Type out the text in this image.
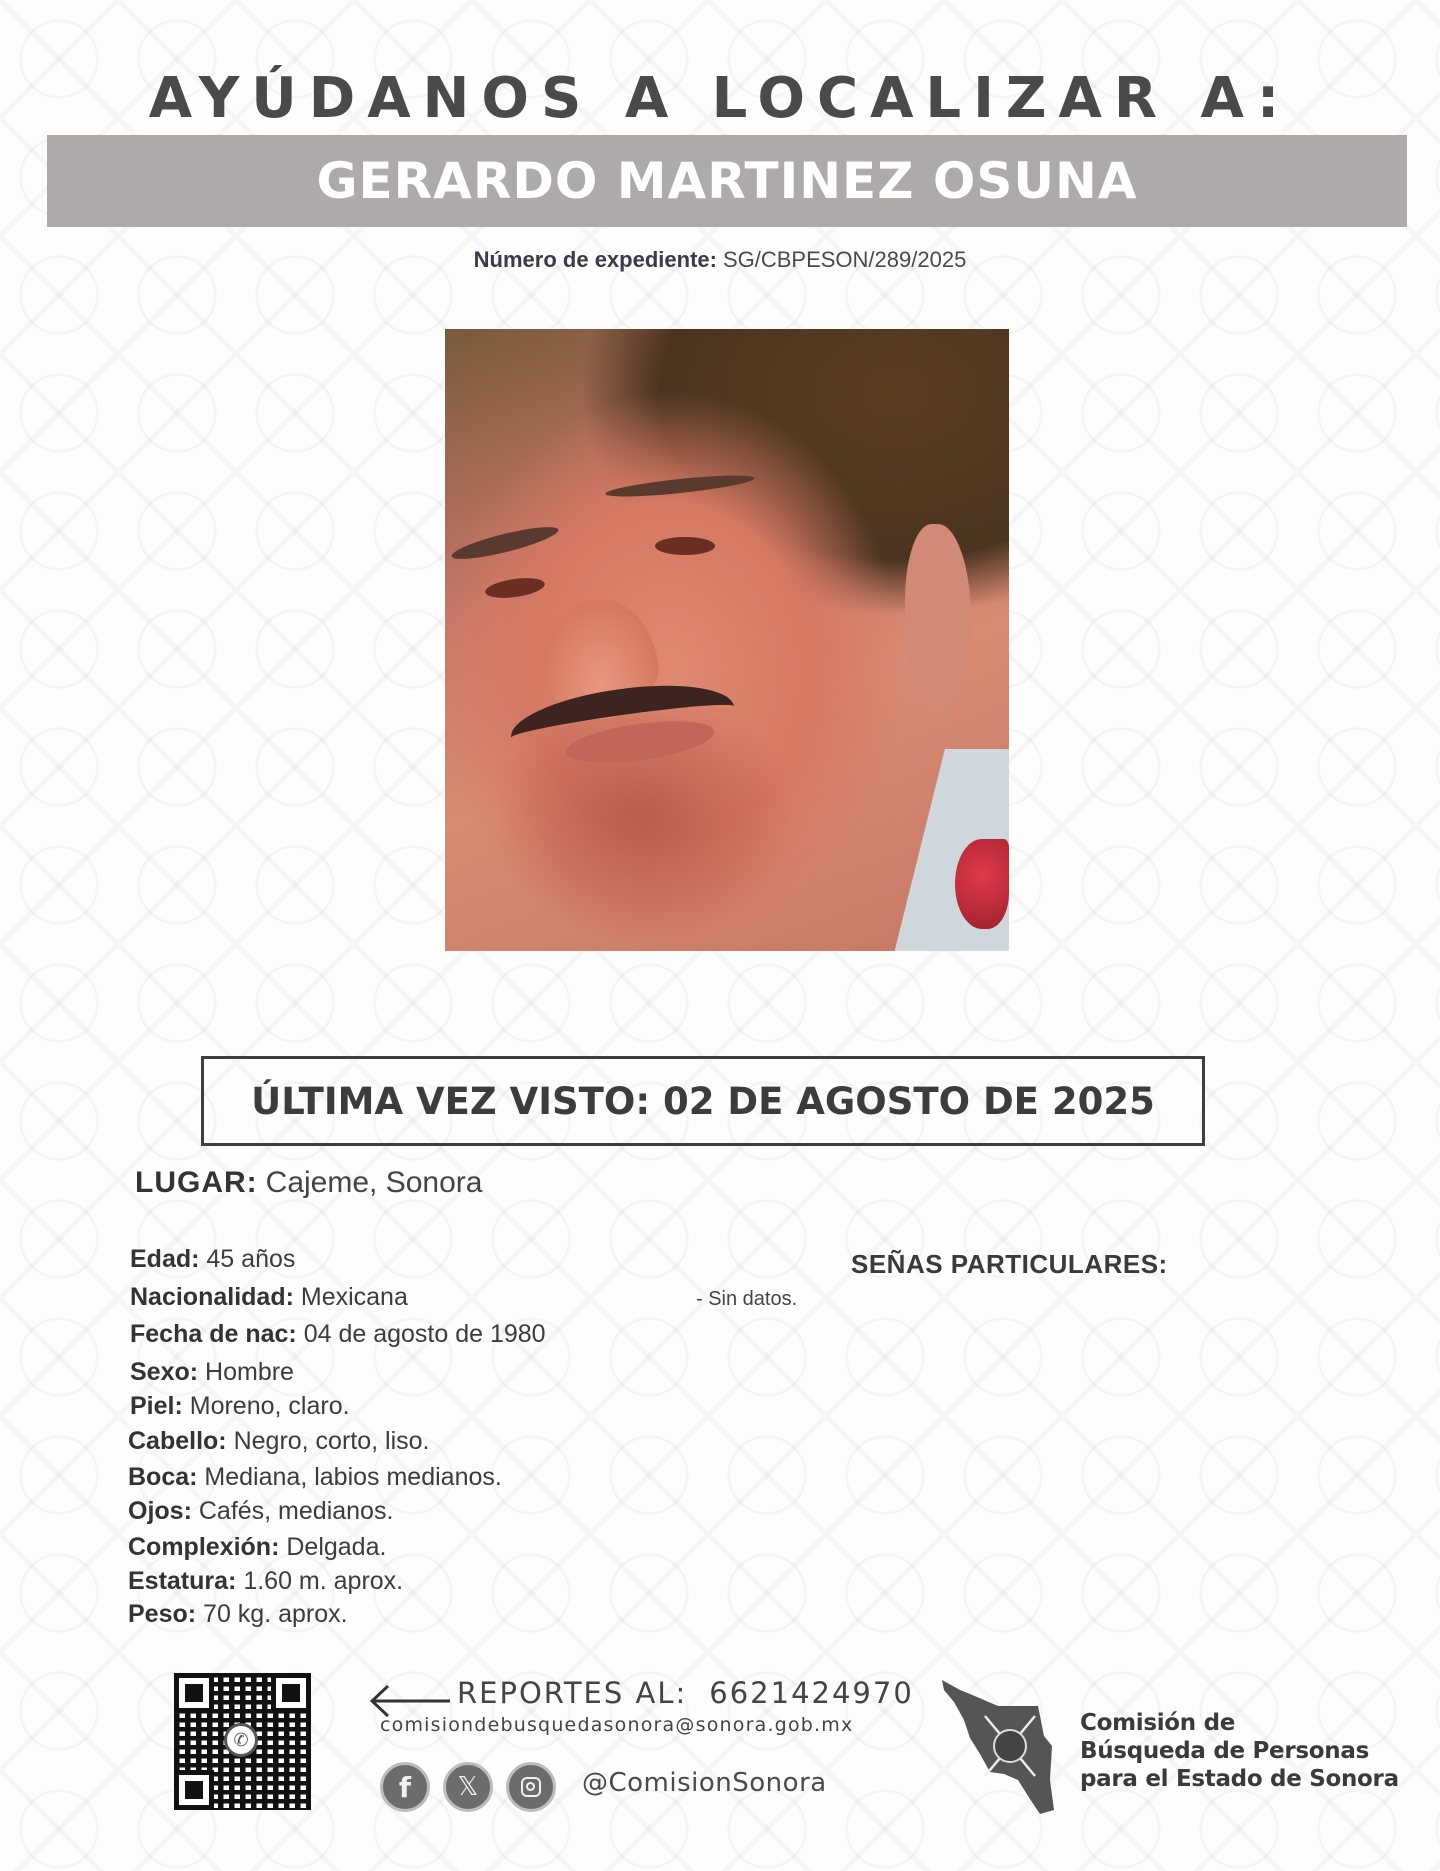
AYÚDANOS A LOCALIZAR A:
GERARDO MARTINEZ OSUNA
Número de expediente: SG/CBPESON/289/2025
ÚLTIMA VEZ VISTO: 02 DE AGOSTO DE 2025
LUGAR: Cajeme, Sonora
Edad: 45 años
Nacionalidad: Mexicana
Fecha de nac: 04 de agosto de 1980
Sexo: Hombre
Piel: Moreno, claro.
Cabello: Negro, corto, liso.
Boca: Mediana, labios medianos.
Ojos: Cafés, medianos.
Complexión: Delgada.
Estatura: 1.60 m. aprox.
Peso: 70 kg. aprox.
SEÑAS PARTICULARES:
- Sin datos.
✆
REPORTES AL: 6621424970
comisiondebusquedasonora@sonora.gob.mx
f	𝕏	@ComisionSonora
Comisión de
Búsqueda de Personas
para el Estado de Sonora
